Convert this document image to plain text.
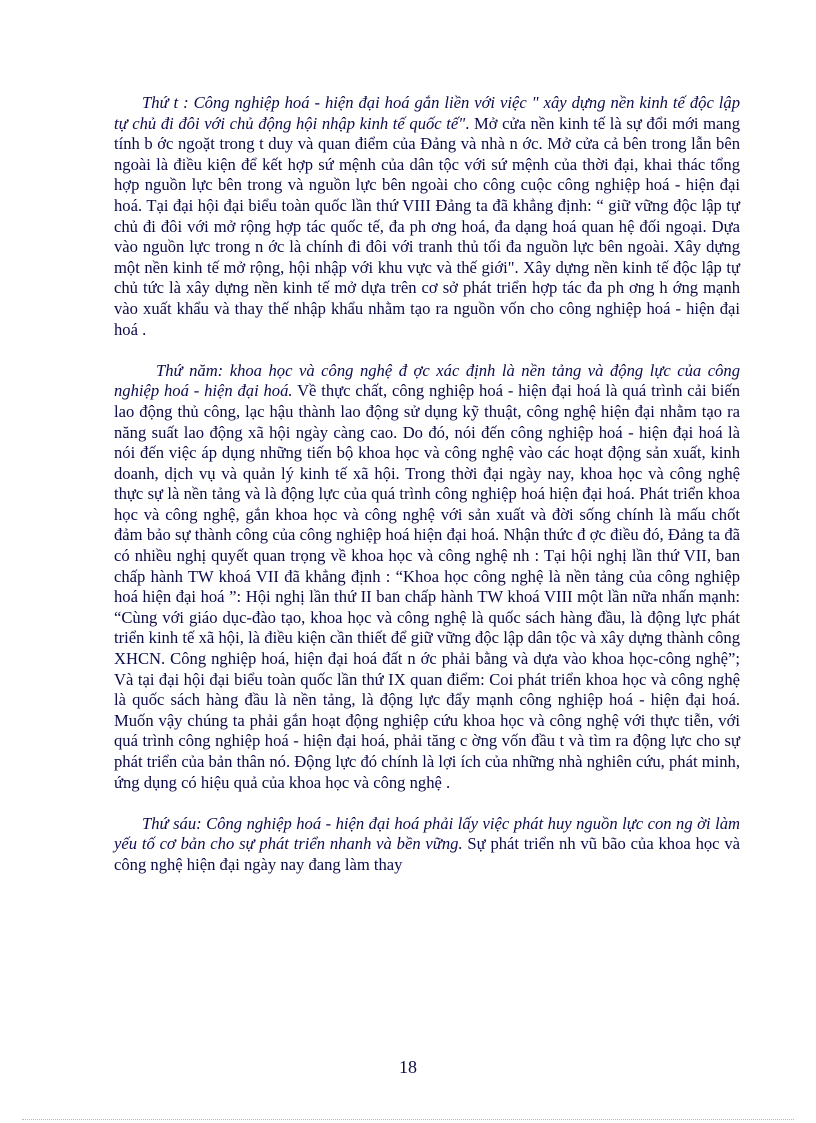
Thứ t : Công nghiệp hoá - hiện đại hoá gắn liền với việc " xây dựng nền kinh tế độc lập tự chủ đi đôi với chủ động hội nhập kinh tế quốc tế". Mở cửa nền kinh tế là sự đổi mới mang tính b ớc ngoặt trong t duy và quan điểm của Đảng và nhà n ớc. Mở cửa cả bên trong lẫn bên ngoài là điều kiện để kết hợp sứ mệnh của dân tộc với sứ mệnh của thời đại, khai thác tổng hợp nguồn lực bên trong và nguồn lực bên ngoài cho công cuộc công nghiệp hoá - hiện đại hoá. Tại đại hội đại biểu toàn quốc lần thứ VIII Đảng ta đã khẳng định: “ giữ vững độc lập tự chủ đi đôi với mở rộng hợp tác quốc tế, đa ph ơng hoá, đa dạng hoá quan hệ đối ngoại. Dựa vào nguồn lực trong n ớc là chính đi đôi với tranh thủ tối đa nguồn lực bên ngoài. Xây dựng một nền kinh tế mở rộng, hội nhập với khu vực và thế giới". Xây dựng nền kinh tế độc lập tự chủ tức là xây dựng nền kinh tế mở dựa trên cơ sở phát triển hợp tác đa ph ơng h ớng mạnh vào xuất khẩu và thay thế nhập khẩu nhằm tạo ra nguồn vốn cho công nghiệp hoá - hiện đại hoá .

Thứ năm: khoa học và công nghệ đ ợc xác định là nền tảng và động lực của công nghiệp hoá - hiện đại hoá. Về thực chất, công nghiệp hoá - hiện đại hoá là quá trình cải biến lao động thủ công, lạc hậu thành lao động sử dụng kỹ thuật, công nghệ hiện đại nhằm tạo ra năng suất lao động xã hội ngày càng cao. Do đó, nói đến công nghiệp hoá - hiện đại hoá là nói đến việc áp dụng những tiến bộ khoa học và công nghệ vào các hoạt động sản xuất, kinh doanh, dịch vụ và quản lý kinh tế xã hội. Trong thời đại ngày nay, khoa học và công nghệ thực sự là nền tảng và là động lực của quá trình công nghiệp hoá hiện đại hoá. Phát triển khoa học và công nghệ, gắn khoa học và công nghệ với sản xuất và đời sống chính là mấu chốt đảm bảo sự thành công của công nghiệp hoá hiện đại hoá. Nhận thức đ ợc điều đó, Đảng ta đã có nhiều nghị quyết quan trọng về khoa học và công nghệ nh : Tại hội nghị lần thứ VII, ban chấp hành TW khoá VII đã khẳng định : “Khoa học công nghệ là nền tảng của công nghiệp hoá hiện đại hoá ”: Hội nghị lần thứ II ban chấp hành TW khoá VIII một lần nữa nhấn mạnh: “Cùng với giáo dục-đào tạo, khoa học và công nghệ là quốc sách hàng đầu, là động lực phát triển kinh tế xã hội, là điều kiện cần thiết để giữ vững độc lập dân tộc và xây dựng thành công XHCN. Công nghiệp hoá, hiện đại hoá đất n ớc phải bằng và dựa vào khoa học-công nghệ”; Và tại đại hội đại biểu toàn quốc lần thứ IX quan điểm: Coi phát triển khoa học và công nghệ là quốc sách hàng đầu là nền tảng, là động lực đẩy mạnh công nghiệp hoá - hiện đại hoá. Muốn vậy chúng ta phải gắn hoạt động nghiệp cứu khoa học và công nghệ với thực tiễn, với quá trình công nghiệp hoá - hiện đại hoá, phải tăng c ờng vốn đầu t và tìm ra động lực cho sự phát triển của bản thân nó. Động lực đó chính là lợi ích của những nhà nghiên cứu, phát minh, ứng dụng có hiệu quả của khoa học và công nghệ .

Thứ sáu: Công nghiệp hoá - hiện đại hoá phải lấy việc phát huy nguồn lực con ng ời làm yếu tố cơ bản cho sự phát triển nhanh và bền vững. Sự phát triển nh vũ bão của khoa học và công nghệ hiện đại ngày nay đang làm thay

18
